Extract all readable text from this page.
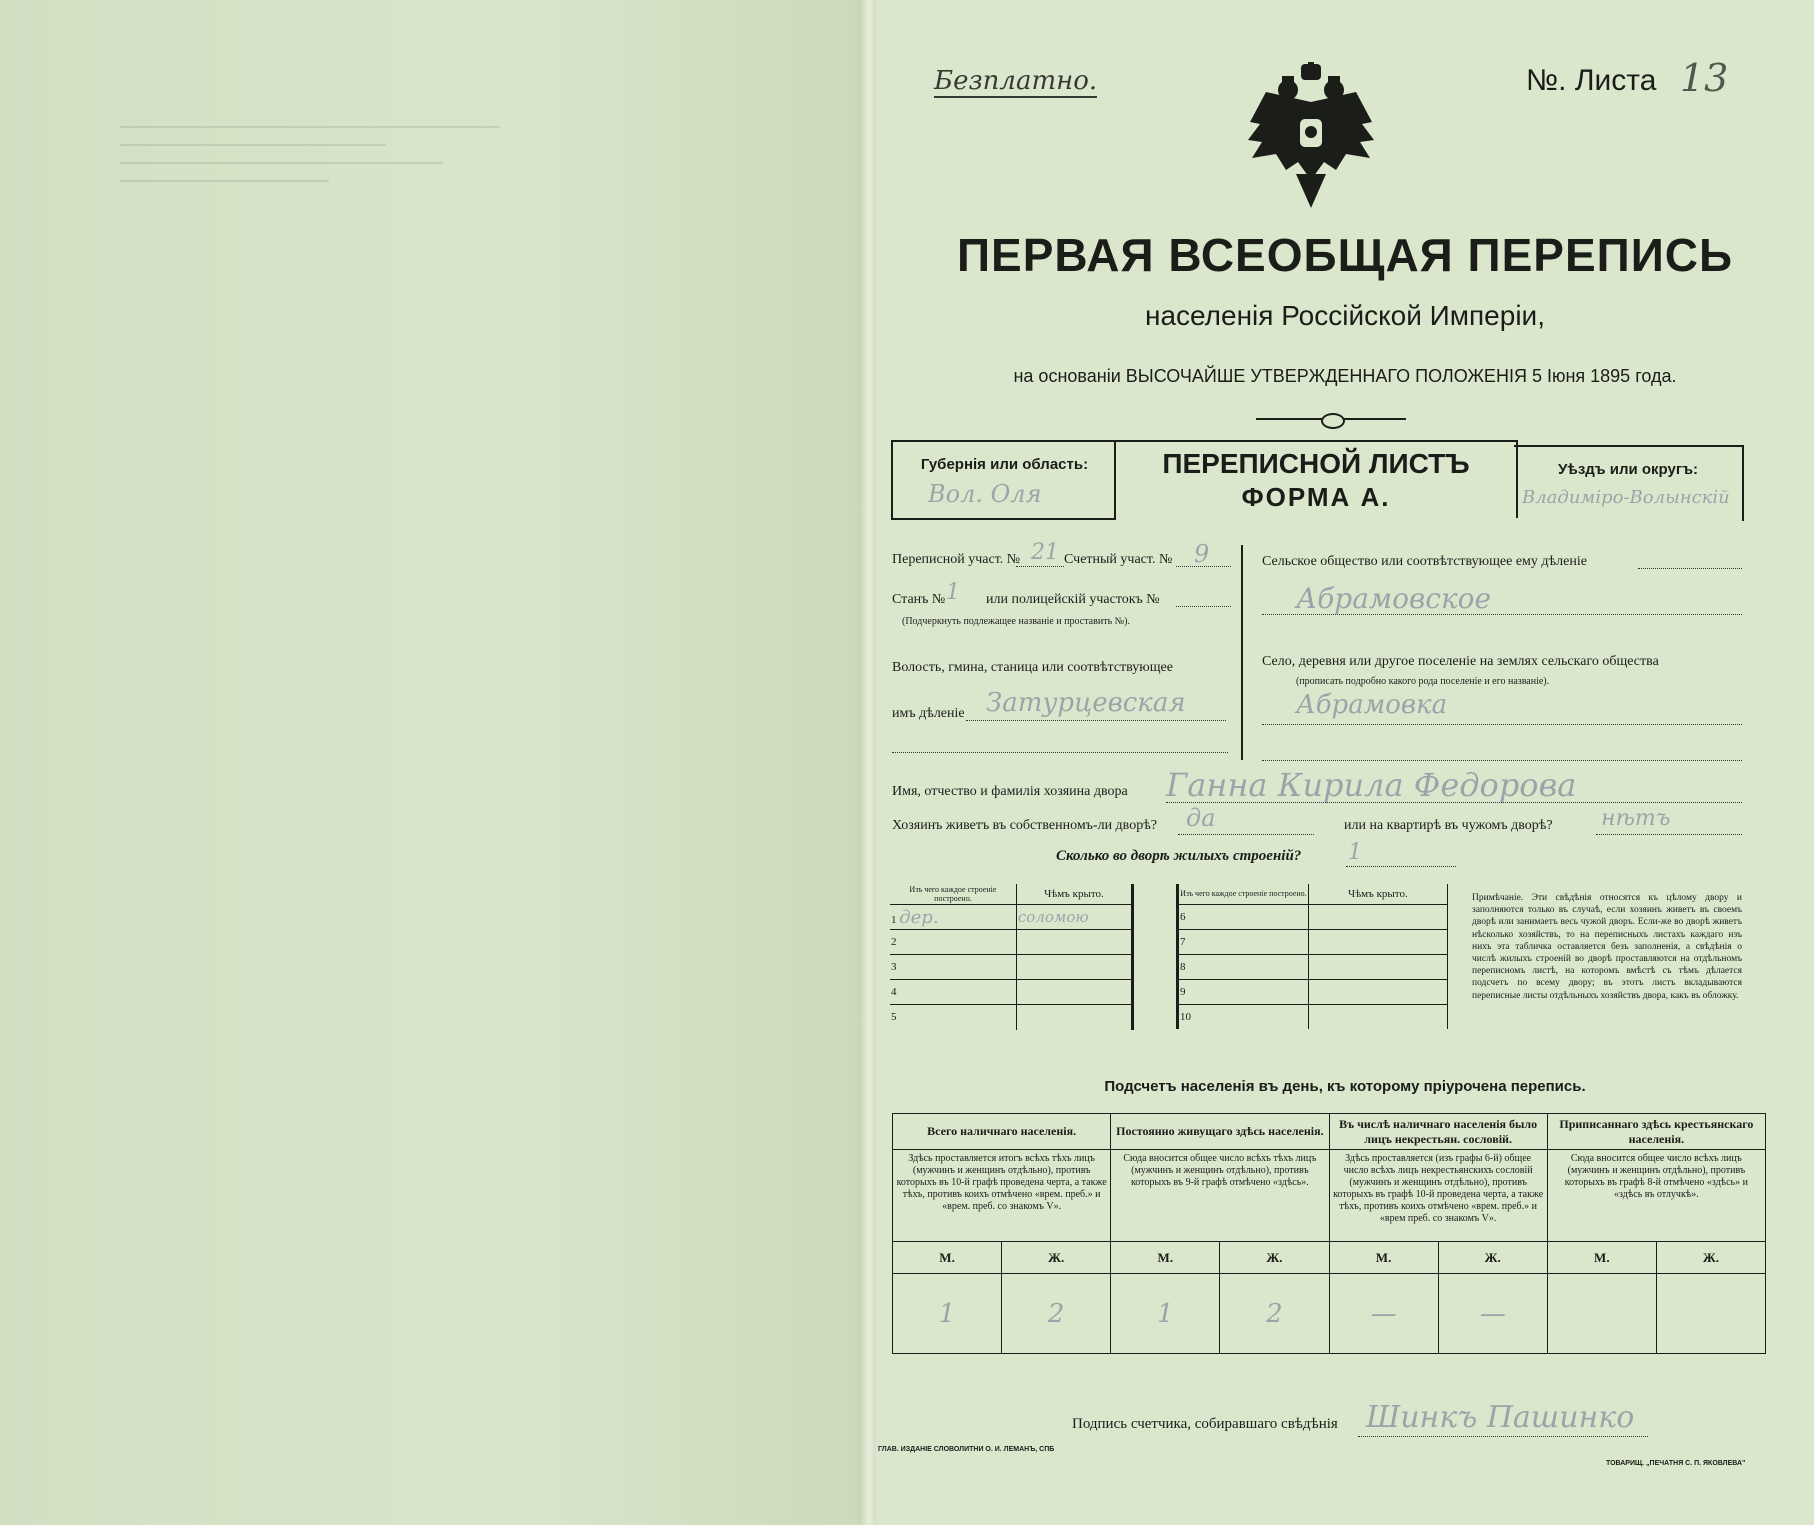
Безплатно.	№. Листа 13
ПЕРВАЯ ВСЕОБЩАЯ ПЕРЕПИСЬ
населенія Россійской Имперіи,
на основаніи ВЫСОЧАЙШЕ УТВЕРЖДЕННАГО ПОЛОЖЕНІЯ 5 Іюня 1895 года.
Губернія или область:
Вол. Оля
ПЕРЕПИСНОЙ ЛИСТЪ
ФОРМА А.
Уѣздъ или округъ:
Владиміро-Волынскій
Переписной участ. № 21 Счетный участ. № 9
Станъ № 1 или полицейскій участокъ №
(Подчеркнуть подлежащее названіе и проставить №).
Волость, гмина, станица или соотвѣтствующее
имъ дѣленіе Затурцевская
Сельское общество или соотвѣтствующее ему дѣленіе
Абрамовское
Село, деревня или другое поселеніе на землях сельскаго общества
(прописать подробно какого рода поселеніе и его названіе).
Абрамовка
Имя, отчество и фамилія хозяина двора Ганна Кирила Федорова
Хозяинъ живетъ въ собственномъ-ли дворѣ? да	или на квартирѣ въ чужомъ дворѣ? нѣтъ
Сколько во дворѣ жилыхъ строеній? 1
Изъ чего каждое строеніе построено.	Чѣмъ крыто.
1 дер.	соломою
2	
3	
4	
5	
Изъ чего каждое строеніе построено.	Чѣмъ крыто.
6	
7	
8	
9	
10	
Примѣчаніе. Эти свѣдѣнія относятся къ цѣлому двору и заполняются только въ случаѣ, если хозяинъ живетъ въ своемъ дворѣ или занимаетъ весь чужой дворъ. Если-же во дворѣ живетъ нѣсколько хозяйствъ, то на переписныхъ листахъ каждаго изъ нихъ эта табличка оставляется безъ заполненія, а свѣдѣнія о числѣ жилыхъ строеній во дворѣ проставляются на отдѣльномъ переписномъ листѣ, на которомъ вмѣстѣ съ тѣмъ дѣлается подсчетъ по всему двору; въ этотъ листъ вкладываются переписные листы отдѣльныхъ хозяйствъ двора, какъ въ обложку.
Подсчетъ населенія въ день, къ которому пріурочена перепись.
Всего наличнаго населенія.		Постоянно живущаго здѣсь населенія.		Въ числѣ наличнаго населенія было лицъ некрестьян. сословій.		Приписаннаго здѣсь крестьянскаго населенія.	
Здѣсь проставляется итогъ всѣхъ тѣхъ лицъ (мужчинъ и женщинъ отдѣльно), противъ которыхъ въ 10-й графѣ проведена черта, а также тѣхъ, противъ коихъ отмѣчено «врем. преб.» и «врем. преб. со знакомъ V».		Сюда вносится общее число всѣхъ тѣхъ лицъ (мужчинъ и женщинъ отдѣльно), противъ которыхъ въ 9-й графѣ отмѣчено «здѣсь».		Здѣсь проставляется (изъ графы 6-й) общее число всѣхъ лицъ некрестьянскихъ сословій (мужчинъ и женщинъ отдѣльно), противъ которыхъ въ графѣ 10-й проведена черта, а также тѣхъ, противъ коихъ отмѣчено «врем. преб.» и «врем преб. со знакомъ V».		Сюда вносится общее число всѣхъ лицъ (мужчинъ и женщинъ отдѣльно), противъ которыхъ въ графѣ 8-й отмѣчено «здѣсь» и «здѣсь въ отлучкѣ».	
М.	Ж.	М.	Ж.	М.	Ж.	М.	Ж.
1	2	1	2	—	—		
Подпись счетчика, собиравшаго свѣдѣнія Шинкъ Пашинко
ГЛАВ. ИЗДАНІЕ СЛОВОЛИТНИ О. И. ЛЕМАНЪ, СПБ
ТОВАРИЩ. „ПЕЧАТНЯ С. П. ЯКОВЛЕВА"
